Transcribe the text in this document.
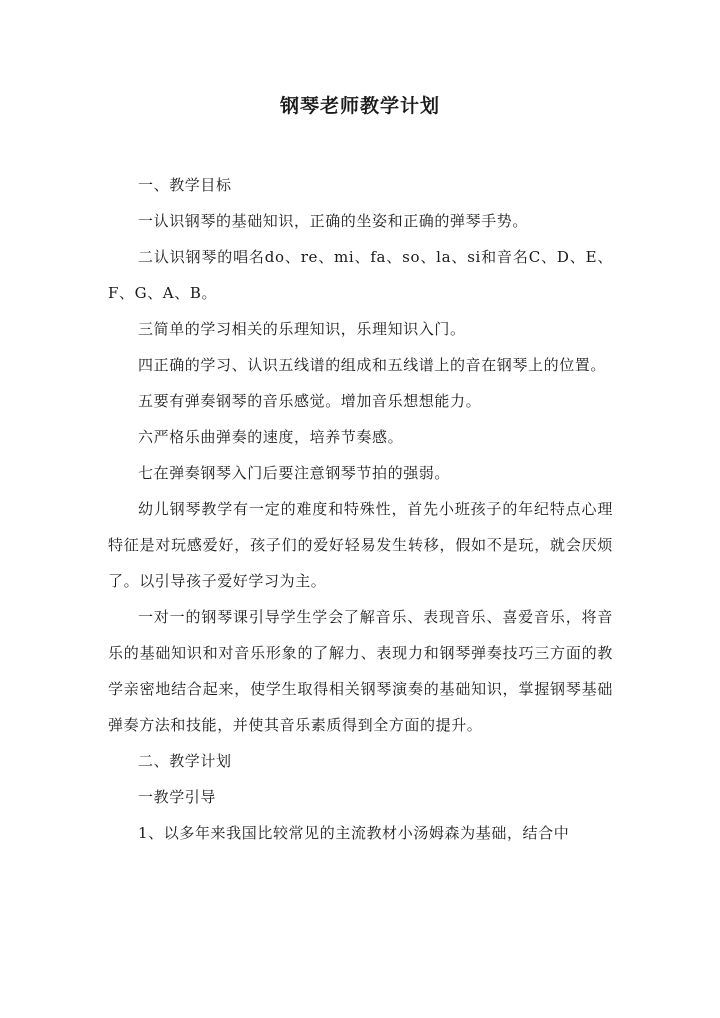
钢琴老师教学计划

一、教学目标

一认识钢琴的基础知识，正确的坐姿和正确的弹琴手势。

二认识钢琴的唱名do、re、mi、fa、so、la、si和音名C、D、E、F、G、A、B。

三简单的学习相关的乐理知识，乐理知识入门。

四正确的学习、认识五线谱的组成和五线谱上的音在钢琴上的位置。

五要有弹奏钢琴的音乐感觉。增加音乐想想能力。

六严格乐曲弹奏的速度，培养节奏感。

七在弹奏钢琴入门后要注意钢琴节拍的强弱。

幼儿钢琴教学有一定的难度和特殊性，首先小班孩子的年纪特点心理特征是对玩感爱好，孩子们的爱好轻易发生转移，假如不是玩，就会厌烦了。以引导孩子爱好学习为主。

一对一的钢琴课引导学生学会了解音乐、表现音乐、喜爱音乐，将音乐的基础知识和对音乐形象的了解力、表现力和钢琴弹奏技巧三方面的教学亲密地结合起来，使学生取得相关钢琴演奏的基础知识，掌握钢琴基础弹奏方法和技能，并使其音乐素质得到全方面的提升。

二、教学计划

一教学引导

1、以多年来我国比较常见的主流教材小汤姆森为基础，结合中
